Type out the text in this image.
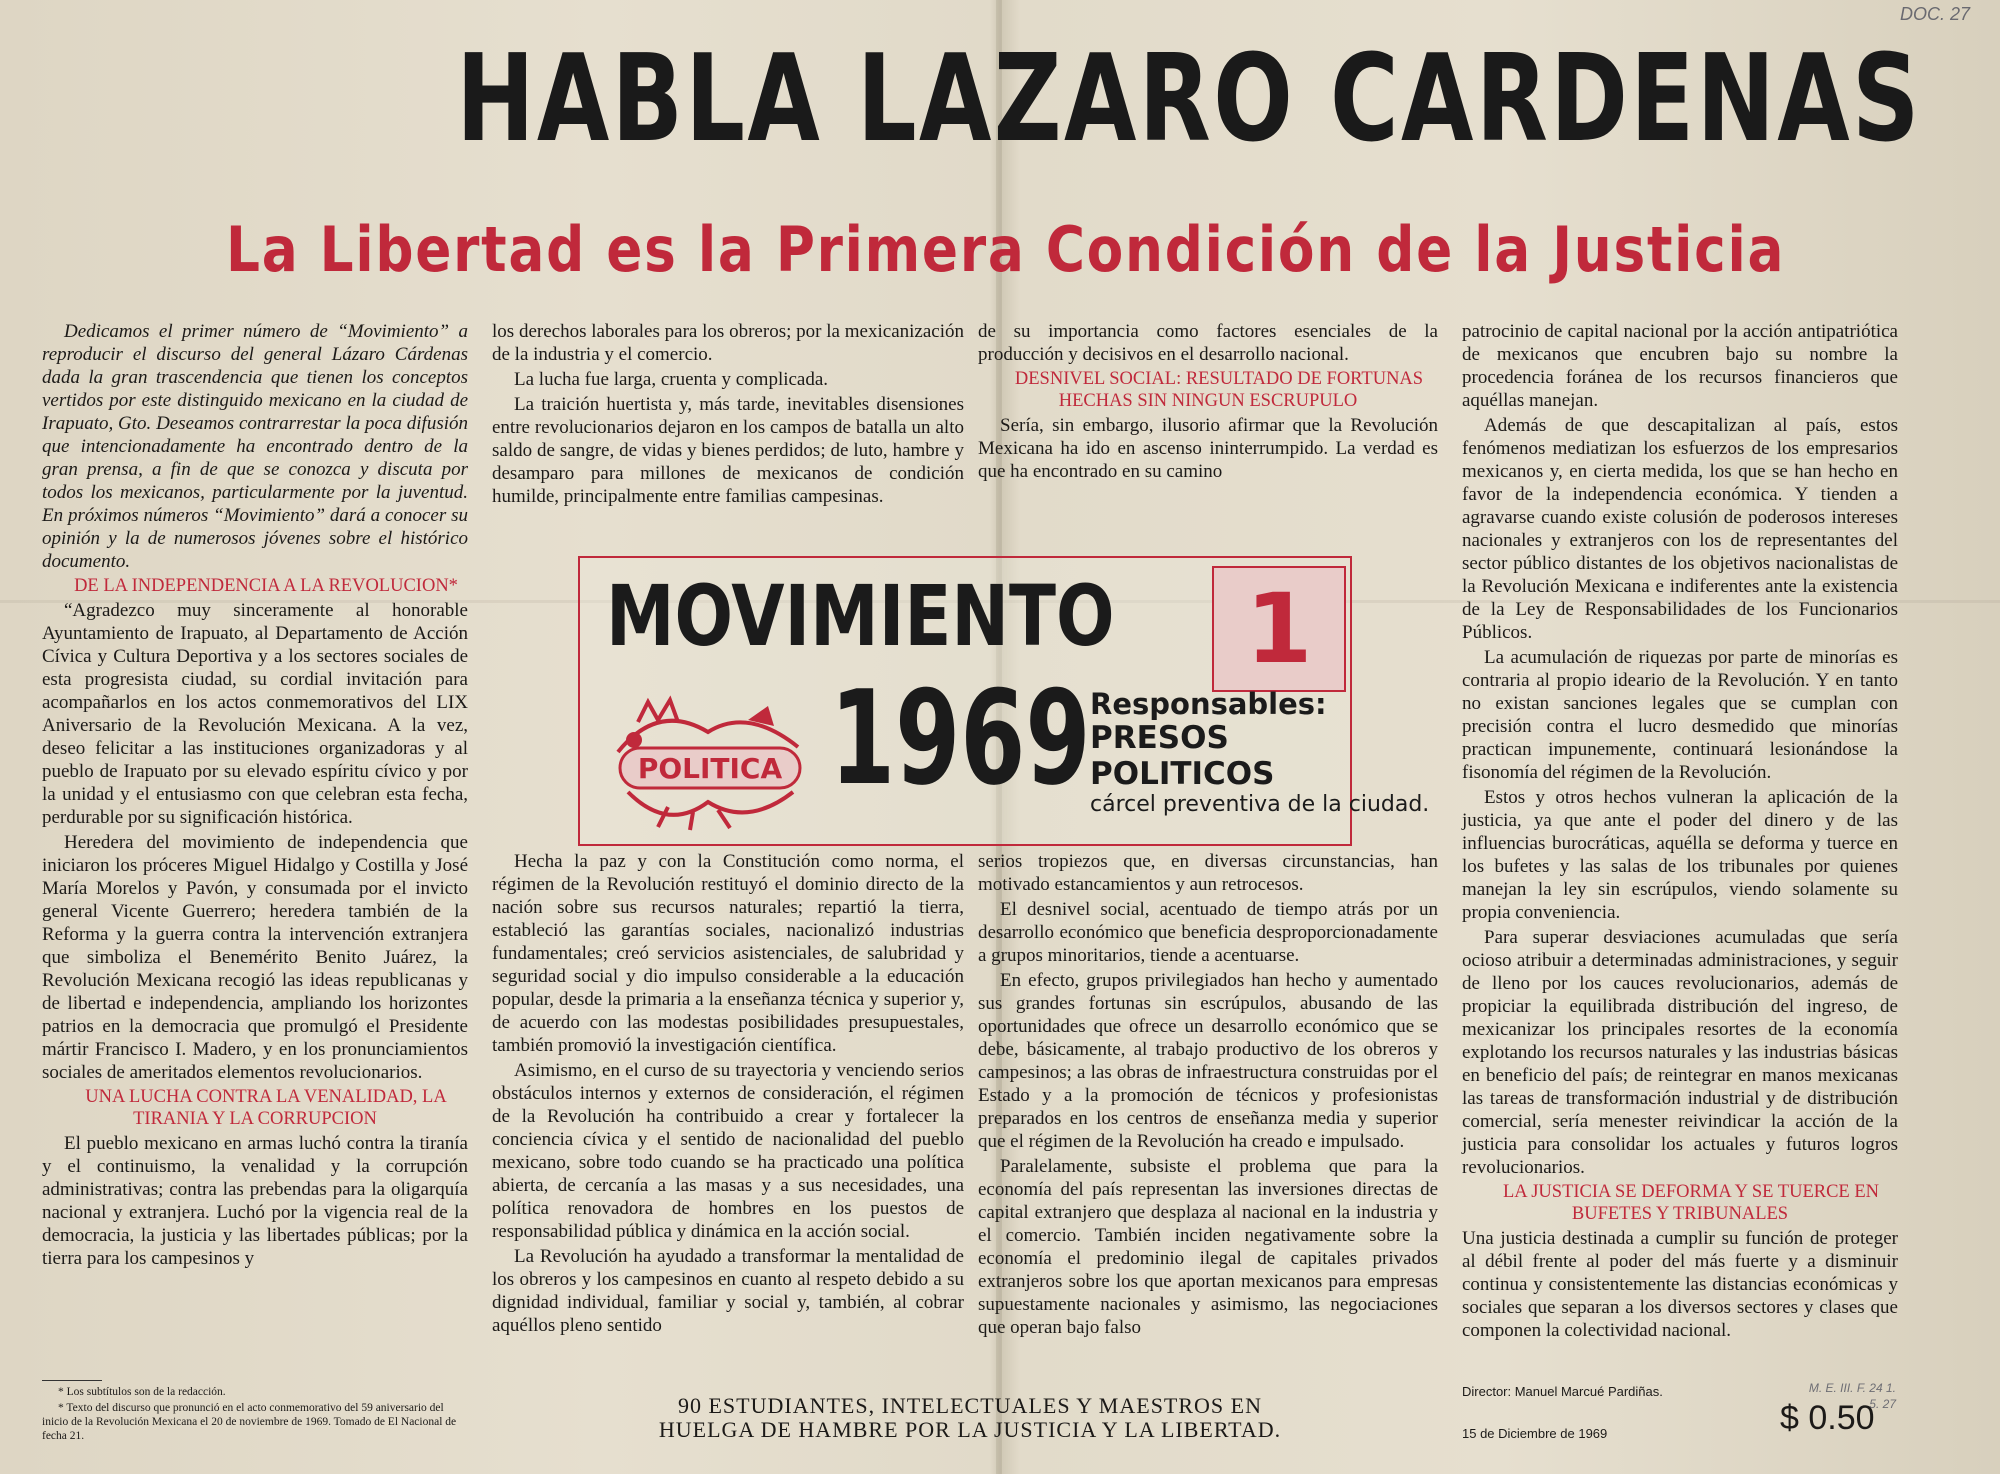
DOC. 27
HABLA LAZARO CARDENAS
La Libertad es la Primera Condición de la Justicia

Dedicamos el primer número de “Movimiento” a reproducir el discurso del general Lázaro Cárdenas dada la gran trascendencia que tienen los conceptos vertidos por este distinguido mexicano en la ciudad de Irapuato, Gto. Deseamos contrarrestar la poca difusión que intencionadamente ha encontrado dentro de la gran prensa, a fin de que se conozca y discuta por todos los mexicanos, particularmente por la juventud. En próximos números “Movimiento” dará a conocer su opinión y la de numerosos jóvenes sobre el histórico documento.

DE LA INDEPENDENCIA A LA REVOLUCION*

“Agradezco muy sinceramente al honorable Ayuntamiento de Irapuato, al Departamento de Acción Cívica y Cultura Deportiva y a los sectores sociales de esta progresista ciudad, su cordial invitación para acompañarlos en los actos conmemorativos del LIX Aniversario de la Revolución Mexicana. A la vez, deseo felicitar a las instituciones organizadoras y al pueblo de Irapuato por su elevado espíritu cívico y por la unidad y el entusiasmo con que celebran esta fecha, perdurable por su significación histórica.

Heredera del movimiento de independencia que iniciaron los próceres Miguel Hidalgo y Costilla y José María Morelos y Pavón, y consumada por el invicto general Vicente Guerrero; heredera también de la Reforma y la guerra contra la intervención extranjera que simboliza el Benemérito Benito Juárez, la Revolución Mexicana recogió las ideas republicanas y de libertad e independencia, ampliando los horizontes patrios en la democracia que promulgó el Presidente mártir Francisco I. Madero, y en los pronunciamientos sociales de ameritados elementos revolucionarios.

UNA LUCHA CONTRA LA VENALIDAD, LA TIRANIA Y LA CORRUPCION

El pueblo mexicano en armas luchó contra la tiranía y el continuismo, la venalidad y la corrupción administrativas; contra las prebendas para la oligarquía nacional y extranjera. Luchó por la vigencia real de la democracia, la justicia y las libertades públicas; por la tierra para los campesinos y

los derechos laborales para los obreros; por la mexicanización de la industria y el comercio.

La lucha fue larga, cruenta y complicada.

La traición huertista y, más tarde, inevitables disensiones entre revolucionarios dejaron en los campos de batalla un alto saldo de sangre, de vidas y bienes perdidos; de luto, hambre y desamparo para millones de mexicanos de condición humilde, principalmente entre familias campesinas.

de su importancia como factores esenciales de la producción y decisivos en el desarrollo nacional.

DESNIVEL SOCIAL: RESULTADO DE FORTUNAS HECHAS SIN NINGUN ESCRUPULO

Sería, sin embargo, ilusorio afirmar que la Revolución Mexicana ha ido en ascenso ininterrumpido. La verdad es que ha encontrado en su camino

MOVIMIENTO	1
1969
POLITICA
Responsables:
PRESOS
POLITICOS
cárcel preventiva de la ciudad.

Hecha la paz y con la Constitución como norma, el régimen de la Revolución restituyó el dominio directo de la nación sobre sus recursos naturales; repartió la tierra, estableció las garantías sociales, nacionalizó industrias fundamentales; creó servicios asistenciales, de salubridad y seguridad social y dio impulso considerable a la educación popular, desde la primaria a la enseñanza técnica y superior y, de acuerdo con las modestas posibilidades presupuestales, también promovió la investigación científica.

Asimismo, en el curso de su trayectoria y venciendo serios obstáculos internos y externos de consideración, el régimen de la Revolución ha contribuido a crear y fortalecer la conciencia cívica y el sentido de nacionalidad del pueblo mexicano, sobre todo cuando se ha practicado una política abierta, de cercanía a las masas y a sus necesidades, una política renovadora de hombres en los puestos de responsabilidad pública y dinámica en la acción social.

La Revolución ha ayudado a transformar la mentalidad de los obreros y los campesinos en cuanto al respeto debido a su dignidad individual, familiar y social y, también, al cobrar aquéllos pleno sentido

serios tropiezos que, en diversas circunstancias, han motivado estancamientos y aun retrocesos.

El desnivel social, acentuado de tiempo atrás por un desarrollo económico que beneficia desproporcionadamente a grupos minoritarios, tiende a acentuarse.

En efecto, grupos privilegiados han hecho y aumentado sus grandes fortunas sin escrúpulos, abusando de las oportunidades que ofrece un desarrollo económico que se debe, básicamente, al trabajo productivo de los obreros y campesinos; a las obras de infraestructura construidas por el Estado y a la promoción de técnicos y profesionistas preparados en los centros de enseñanza media y superior que el régimen de la Revolución ha creado e impulsado.

Paralelamente, subsiste el problema que para la economía del país representan las inversiones directas de capital extranjero que desplaza al nacional en la industria y el comercio. También inciden negativamente sobre la economía el predominio ilegal de capitales privados extranjeros sobre los que aportan mexicanos para empresas supuestamente nacionales y asimismo, las negociaciones que operan bajo falso

patrocinio de capital nacional por la acción antipatriótica de mexicanos que encubren bajo su nombre la procedencia foránea de los recursos financieros que aquéllas manejan.

Además de que descapitalizan al país, estos fenómenos mediatizan los esfuerzos de los empresarios mexicanos y, en cierta medida, los que se han hecho en favor de la independencia económica. Y tienden a agravarse cuando existe colusión de poderosos intereses nacionales y extranjeros con los de representantes del sector público distantes de los objetivos nacionalistas de la Revolución Mexicana e indiferentes ante la existencia de la Ley de Responsabilidades de los Funcionarios Públicos.

La acumulación de riquezas por parte de minorías es contraria al propio ideario de la Revolución. Y en tanto no existan sanciones legales que se cumplan con precisión contra el lucro desmedido que minorías practican impunemente, continuará lesionándose la fisonomía del régimen de la Revolución.

Estos y otros hechos vulneran la aplicación de la justicia, ya que ante el poder del dinero y de las influencias burocráticas, aquélla se deforma y tuerce en los bufetes y las salas de los tribunales por quienes manejan la ley sin escrúpulos, viendo solamente su propia conveniencia.

Para superar desviaciones acumuladas que sería ocioso atribuir a determinadas administraciones, y seguir de lleno por los cauces revolucionarios, además de propiciar la equilibrada distribución del ingreso, de mexicanizar los principales resortes de la economía explotando los recursos naturales y las industrias básicas en beneficio del país; de reintegrar en manos mexicanas las tareas de transformación industrial y de distribución comercial, sería menester reivindicar la acción de la justicia para consolidar los actuales y futuros logros revolucionarios.

LA JUSTICIA SE DEFORMA Y SE TUERCE EN BUFETES Y TRIBUNALES

Una justicia destinada a cumplir su función de proteger al débil frente al poder del más fuerte y a disminuir continua y consistentemente las distancias económicas y sociales que separan a los diversos sectores y clases que componen la colectividad nacional.

* Los subtítulos son de la redacción.

* Texto del discurso que pronunció en el acto conmemorativo del 59 aniversario del inicio de la Revolución Mexicana el 20 de noviembre de 1969. Tomado de El Nacional de fecha 21.

90 ESTUDIANTES, INTELECTUALES Y MAESTROS EN
HUELGA DE HAMBRE POR LA JUSTICIA Y LA LIBERTAD.
Director: Manuel Marcué Pardiñas.
15 de Diciembre de 1969
M. E. III. F. 24 1. 5. 27
$ 0.50
